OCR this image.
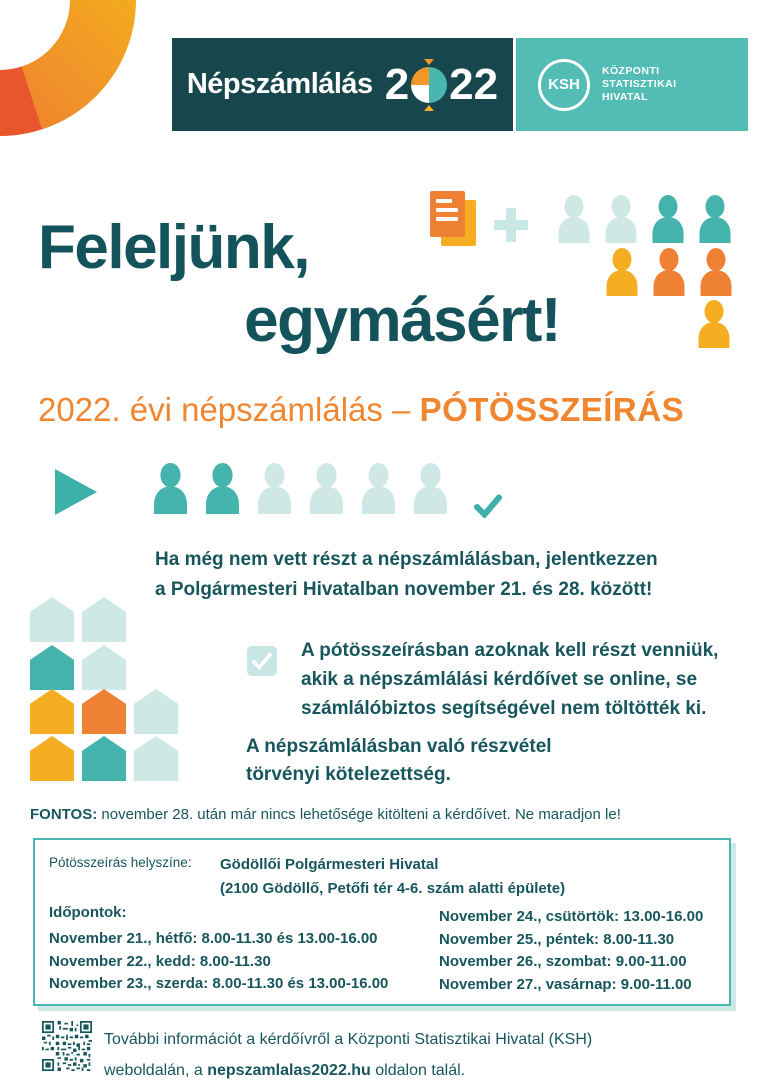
Népszámlálás 2 22	KSH
KÖZPONTI
STATISZTIKAI
HIVATAL
Feleljünk,
egymásért!
2022. évi népszámlálás – PÓTÖSSZEÍRÁS
Ha még nem vett részt a népszámlálásban, jelentkezzen
a Polgármesteri Hivatalban november 21. és 28. között!
A pótösszeírásban azoknak kell részt venniük,
akik a népszámlálási kérdőívet se online, se
számlálóbiztos segítségével nem töltötték ki.
A népszámlálásban való részvétel
törvényi kötelezettség.
FONTOS: november 28. után már nincs lehetősége kitölteni a kérdőívet. Ne maradjon le!
Pótösszeírás helyszíne: Gödöllői Polgármesteri Hivatal
(2100 Gödöllő, Petőfi tér 4-6. szám alatti épülete)
Időpontok:
November 21., hétfő: 8.00-11.30 és 13.00-16.00
November 22., kedd: 8.00-11.30
November 23., szerda: 8.00-11.30 és 13.00-16.00
November 24., csütörtök: 13.00-16.00
November 25., péntek: 8.00-11.30
November 26., szombat: 9.00-11.00
November 27., vasárnap: 9.00-11.00
További információt a kérdőívről a Központi Statisztikai Hivatal (KSH)
weboldalán, a nepszamlalas2022.hu oldalon talál.
